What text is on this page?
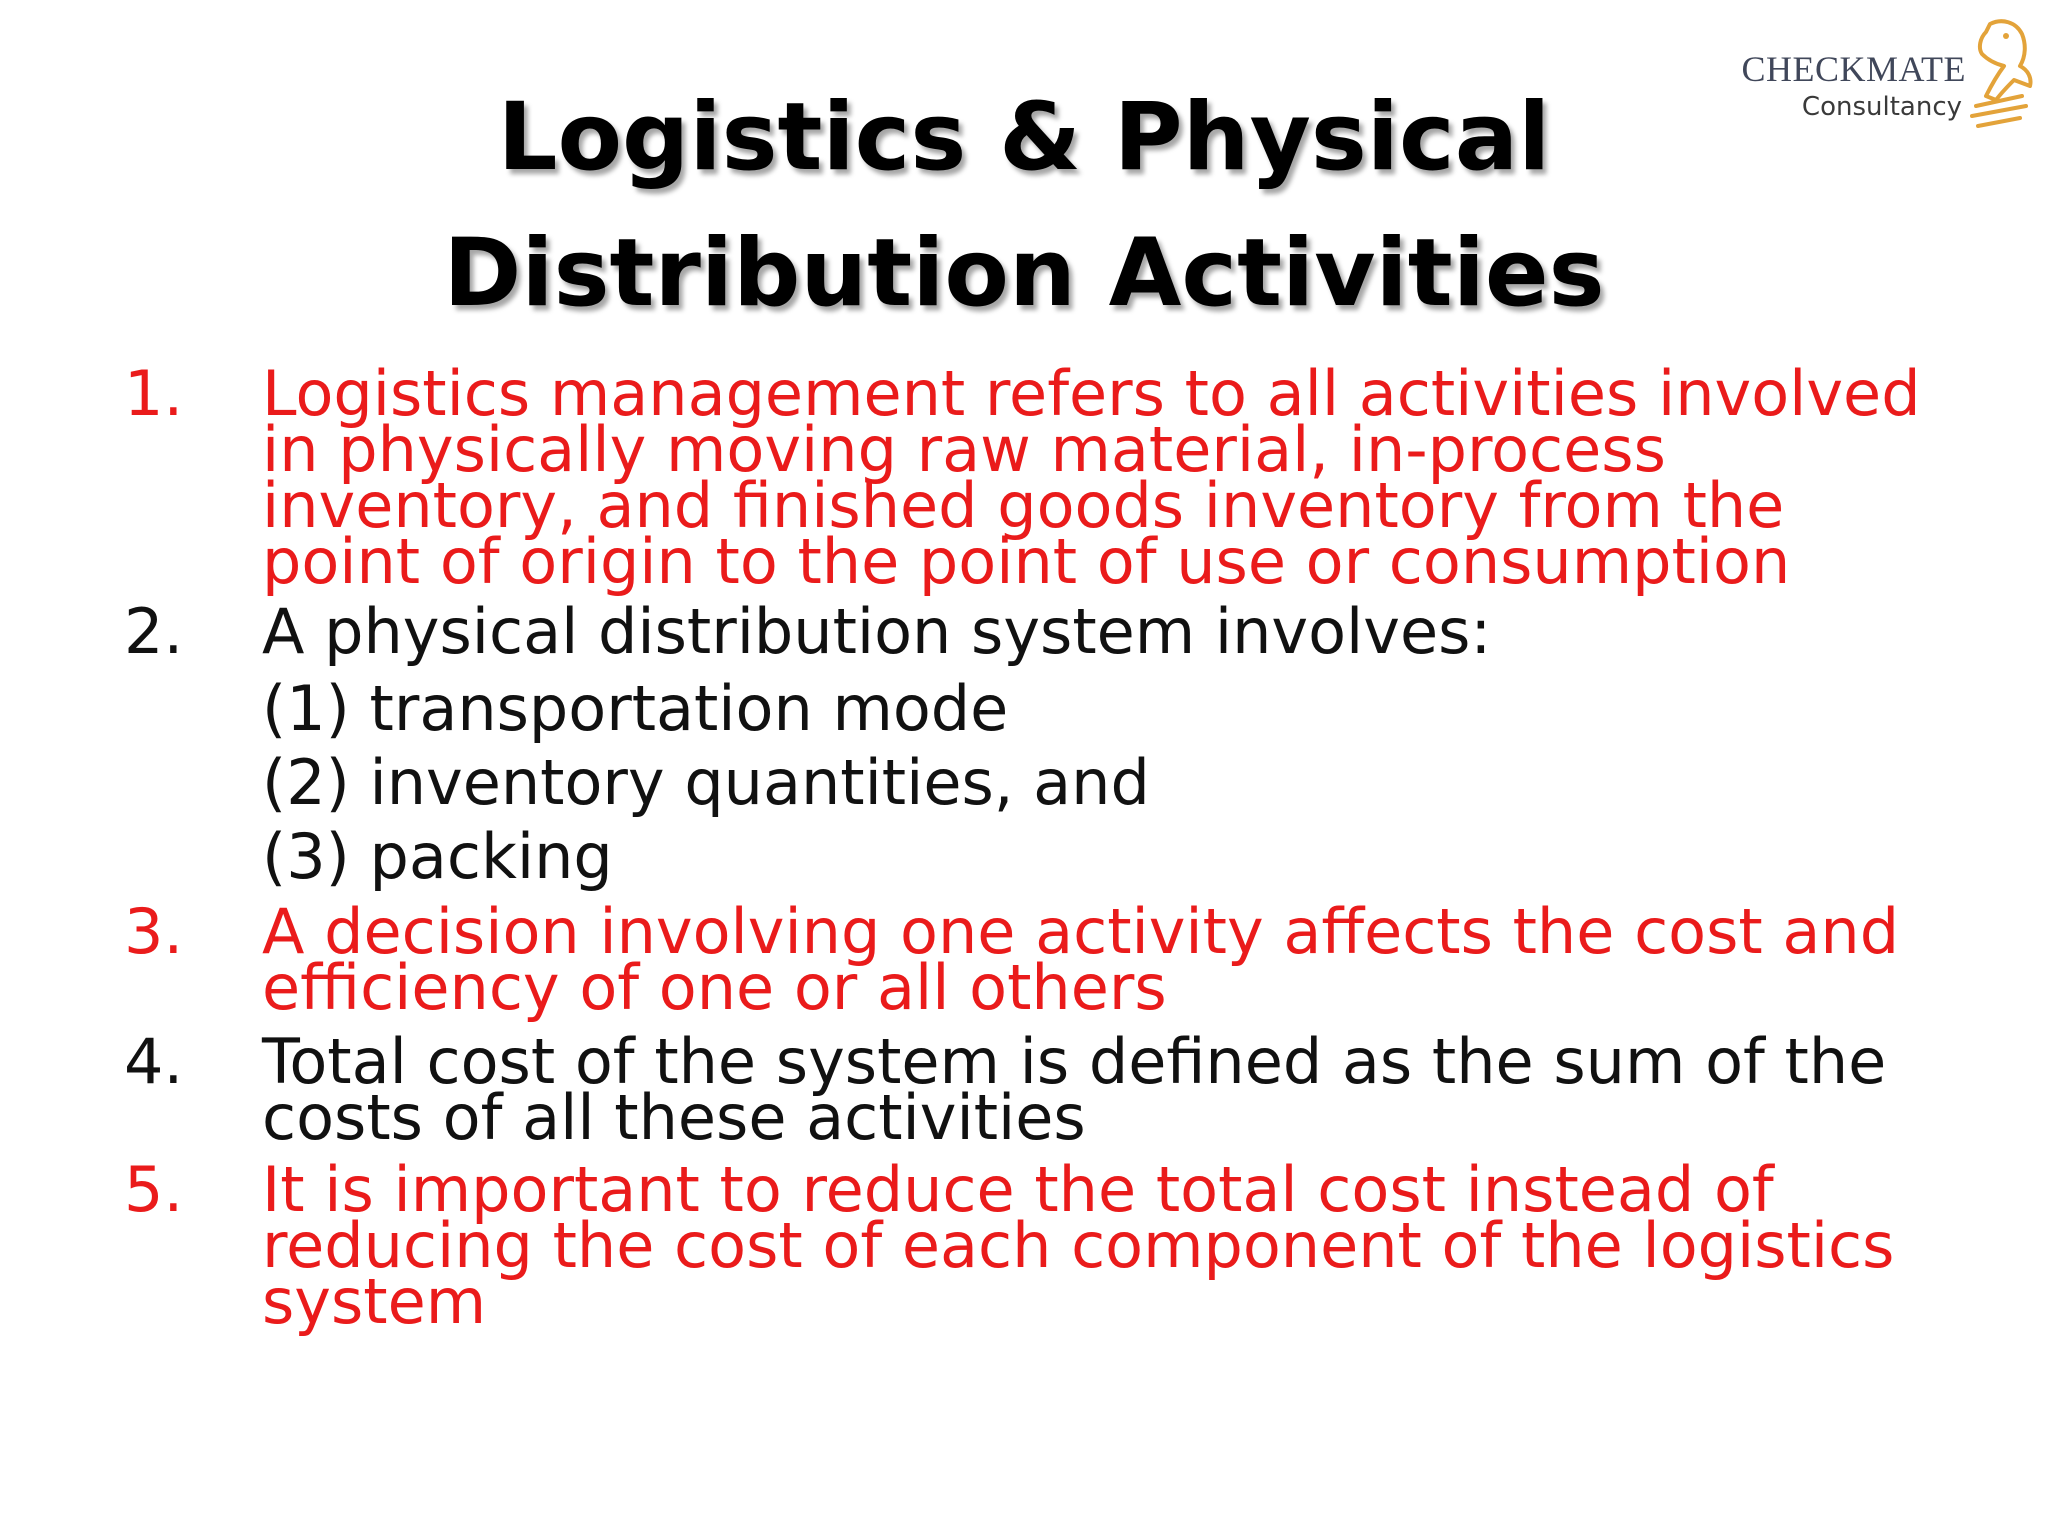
CHECKMATE
Consultancy
Logistics & Physical
Distribution Activities
1. Logistics management refers to all activities involved
in physically moving raw material, in-process
inventory, and finished goods inventory from the
point of origin to the point of use or consumption
2. A physical distribution system involves:
(1) transportation mode
(2) inventory quantities, and
(3) packing
3. A decision involving one activity affects the cost and
efficiency of one or all others
4. Total cost of the system is defined as the sum of the
costs of all these activities
5. It is important to reduce the total cost instead of
reducing the cost of each component of the logistics
system
